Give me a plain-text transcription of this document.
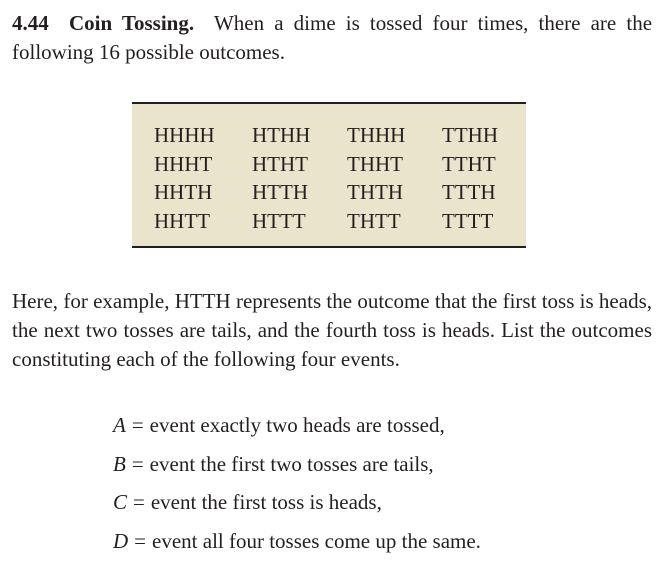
4.44 Coin Tossing. When a dime is tossed four times, there are the following 16 possible outcomes.
HHHH	HTHH	THHH	TTHH
HHHT	HTHT	THHT	TTHT
HHTH	HTTH	THTH	TTTH
HHTT	HTTT	THTT	TTTT
Here, for example, HTTH represents the outcome that the first toss is heads, the next two tosses are tails, and the fourth toss is heads. List the outcomes constituting each of the following four events.
A = event exactly two heads are tossed,
B = event the first two tosses are tails,
C = event the first toss is heads,
D = event all four tosses come up the same.
